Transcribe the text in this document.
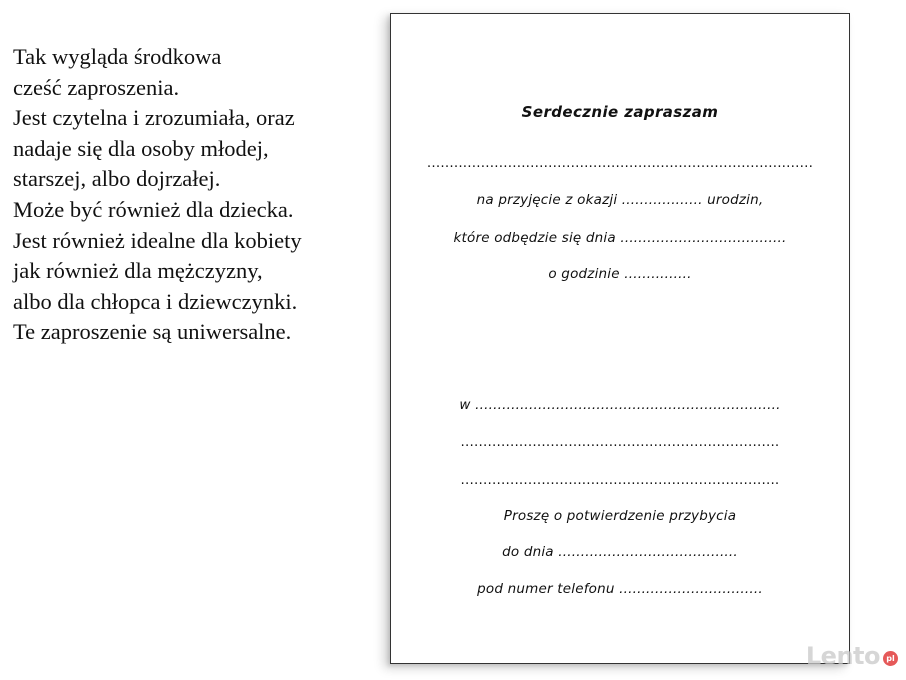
Tak wygląda środkowa
cześć zaproszenia.
Jest czytelna i zrozumiała, oraz
nadaje się dla osoby młodej,
starszej, albo dojrzałej.
Może być również dla dziecka.
Jest również idealne dla kobiety
jak również dla mężczyzny,
albo dla chłopca i dziewczynki.
Te zaproszenie są uniwersalne.
Serdecznie zapraszam
......................................................................................
na przyjęcie z okazji .................. urodzin,
które odbędzie się dnia .....................................
o godzinie ...............
w ....................................................................
.......................................................................
.......................................................................
Proszę o potwierdzenie przybycia
do dnia ........................................
pod numer telefonu ................................
Lento pl
